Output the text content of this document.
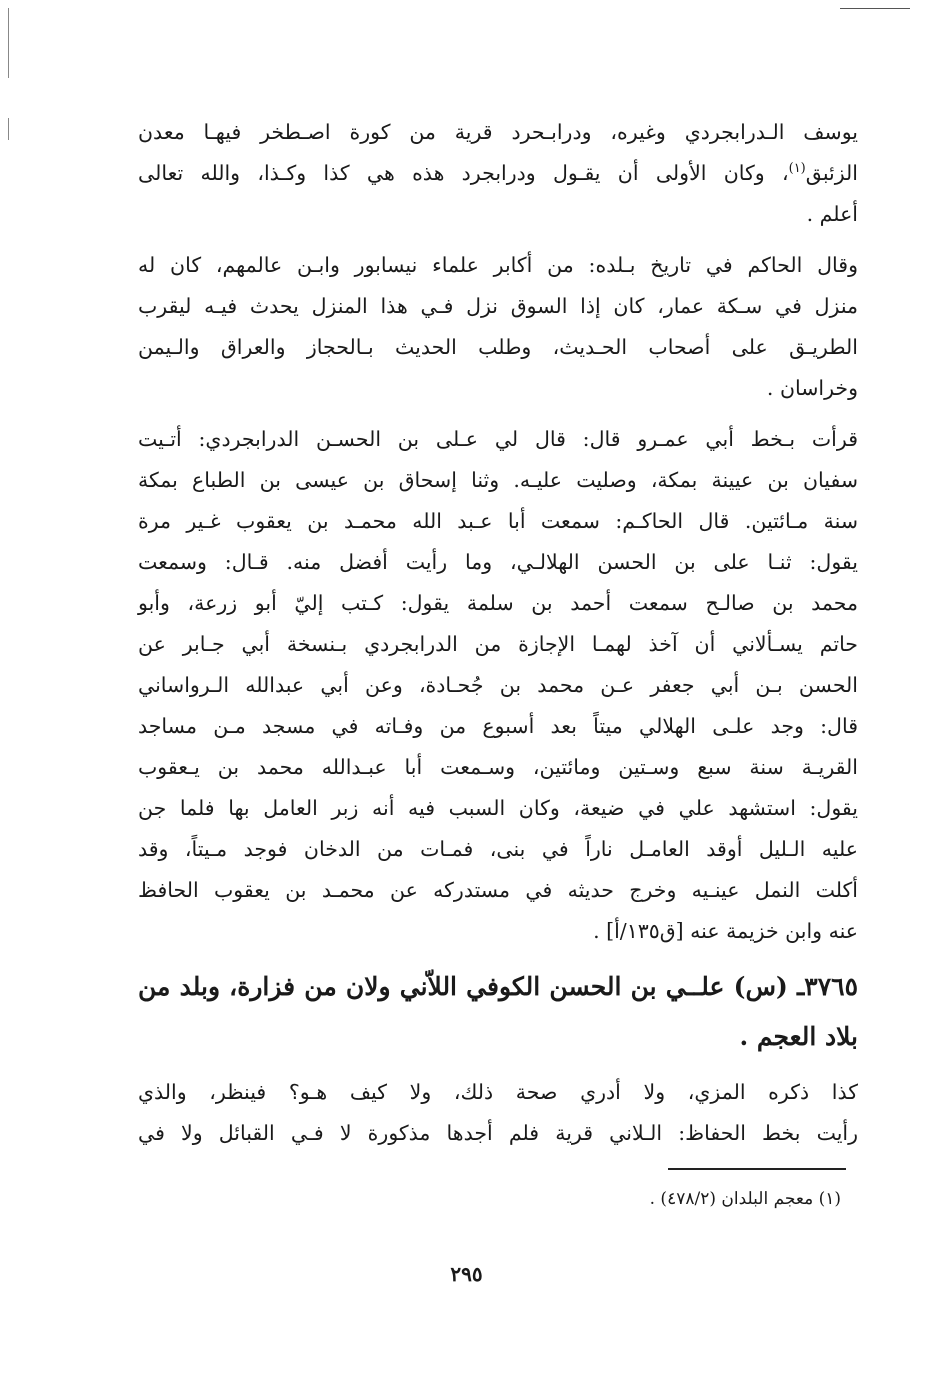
يوسف الـدرابجردي وغيره، ودرابـحرد قرية من كورة اصـطخر فيهـا معدن
الزئبق$^{(١)}$، وكان الأولى أن يقـول ودرابجرد هذه هي كذا وكـذا، والله تعالى
أعلم .

وقال الحاكم في تاريخ بـلده: من أكابر علماء نيسابور وابـن عالمهم، كان له
منزل في سـكة عمار، كان إذا السوق نزل فـي هذا المنزل يحدث فيـه ليقرب
الطريـق على أصحاب الحـديث، وطلب الحديث بـالحجاز والعراق والـيمن
وخراسان .

قرأت بـخط أبي عمـرو قال: قال لي عـلى بن الحسـن الدرابجردي: أتـيت
سفيان بن عيينة بمكة، وصليت عليـه. وثنا إسحاق بن عيسى بن الطباع بمكة
سنة مـائتين. قال الحاكـم: سمعت أبا عـبد الله محمـد بن يعقوب غـير مرة
يقول: ثنـا على بن الحسن الهلالـي، وما رأيت أفضل منه. قـال: وسمعت
محمد بن صالـح سمعت أحمد بن سلمة يقول: كـتب إليّ أبو زرعة، وأبو
حاتم يسـألاني أن آخذ لهمـا الإجازة من الدرابجردي بـنسخة أبي جـابر عن
الحسن بـن أبي جعفر عـن محمد بن جُحـادة، وعن أبي عبدالله الـرواساني
قال: وجد علـى الهلالي ميتاً بعد أسبوع من وفـاته في مسجد مـن مساجد
القريـة سنة سبع وسـتين ومائتين، وسـمعت أبا عبـدالله محمد بن يـعقوب
يقول: استشهد علي في ضيعة، وكان السبب فيه أنه زبر العامل بها فلما جن
عليه الـليل أوقد العامـل ناراً في بنى، فمـات من الدخان فوجد مـيتاً، وقد
أكلت النمل عينـيه وخرج حديثه في مستدركه عن محمـد بن يعقوب الحافظ
عنه وابن خزيمة عنه [ق١٣٥/أ] .

٣٧٦٥ـ (س) علــي بن الحسن الكوفي اللاّني ولان من فزارة، وبلد من
بلاد العجم .

كذا ذكره المزي، ولا أدري صحة ذلك، ولا كيف هـو؟ فينظر، والذي
رأيت بخط الحفاظ: الـلاني قرية فلم أجدها مذكورة لا فـي القبائل ولا في

(١) معجم البلدان (٤٧٨/٢) .
٢٩٥
